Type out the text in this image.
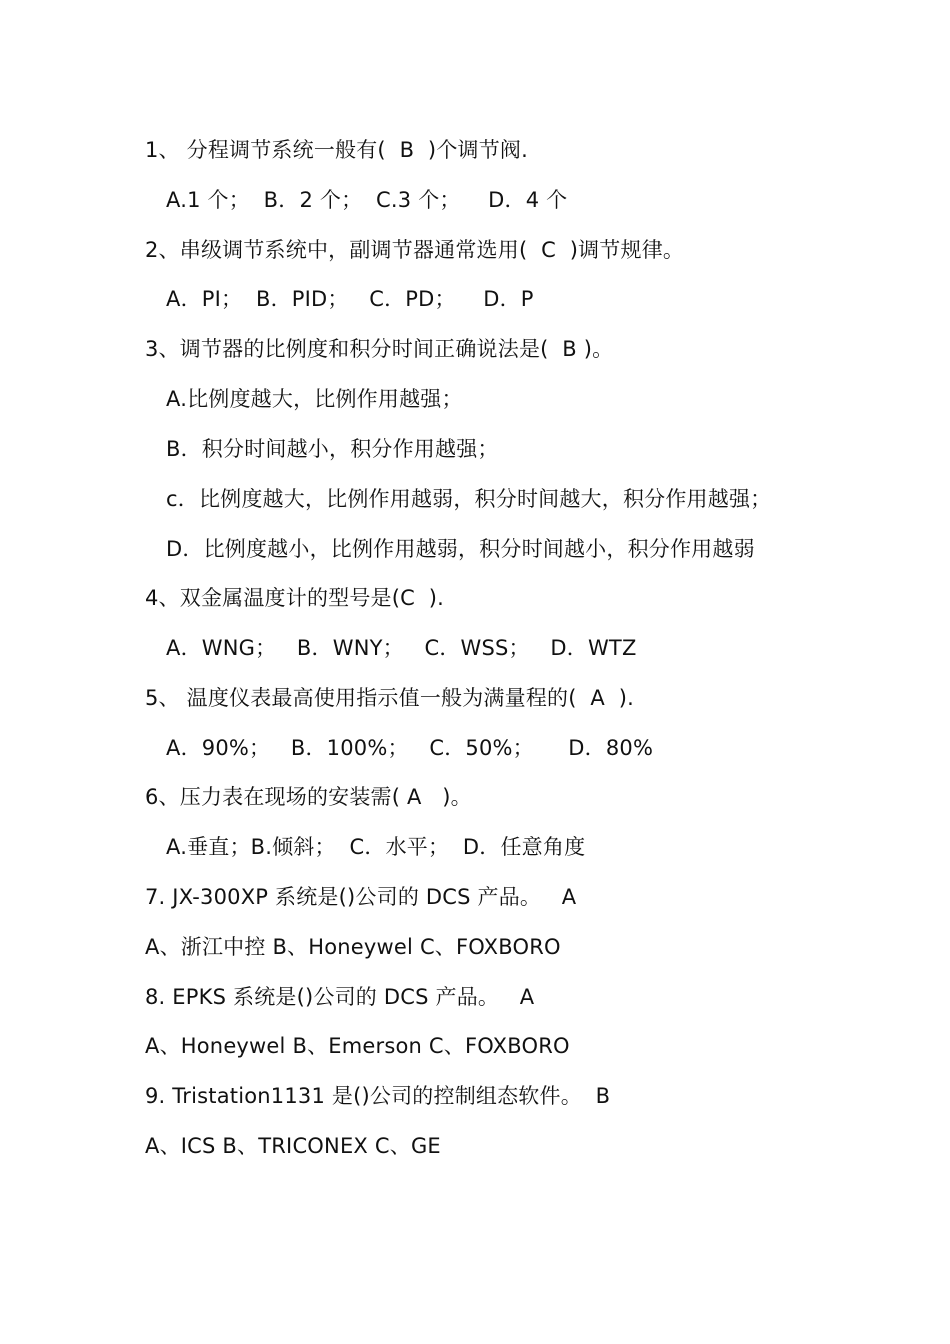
1、 分程调节系统一般有(  B  )个调节阀.
A.1 个；  B．2 个；  C.3 个；    D．4 个
2、串级调节系统中，副调节器通常选用(  C  )调节规律。
A．PI；  B．PID；   C．PD；    D．P
3、调节器的比例度和积分时间正确说法是(  B )。
A.比例度越大，比例作用越强；
B．积分时间越小，积分作用越强；
c．比例度越大，比例作用越弱，积分时间越大，积分作用越强；
D．比例度越小，比例作用越弱，积分时间越小，积分作用越弱
4、双金属温度计的型号是(C  ).
A．WNG；   B．WNY；   C．WSS；   D．WTZ
5、 温度仪表最高使用指示值一般为满量程的(  A  ).
A．90%；   B．100%；   C．50%；     D．80%
6、压力表在现场的安装需( A   )。
A.垂直；B.倾斜；  C．水平；  D．任意角度
7. JX-300XP 系统是()公司的 DCS 产品。   A
A、浙江中控 B、Honeywel C、FOXBORO
8. EPKS 系统是()公司的 DCS 产品。   A
A、Honeywel B、Emerson C、FOXBORO
9. Tristation1131 是()公司的控制组态软件。  B
A、ICS B、TRICONEX C、GE
